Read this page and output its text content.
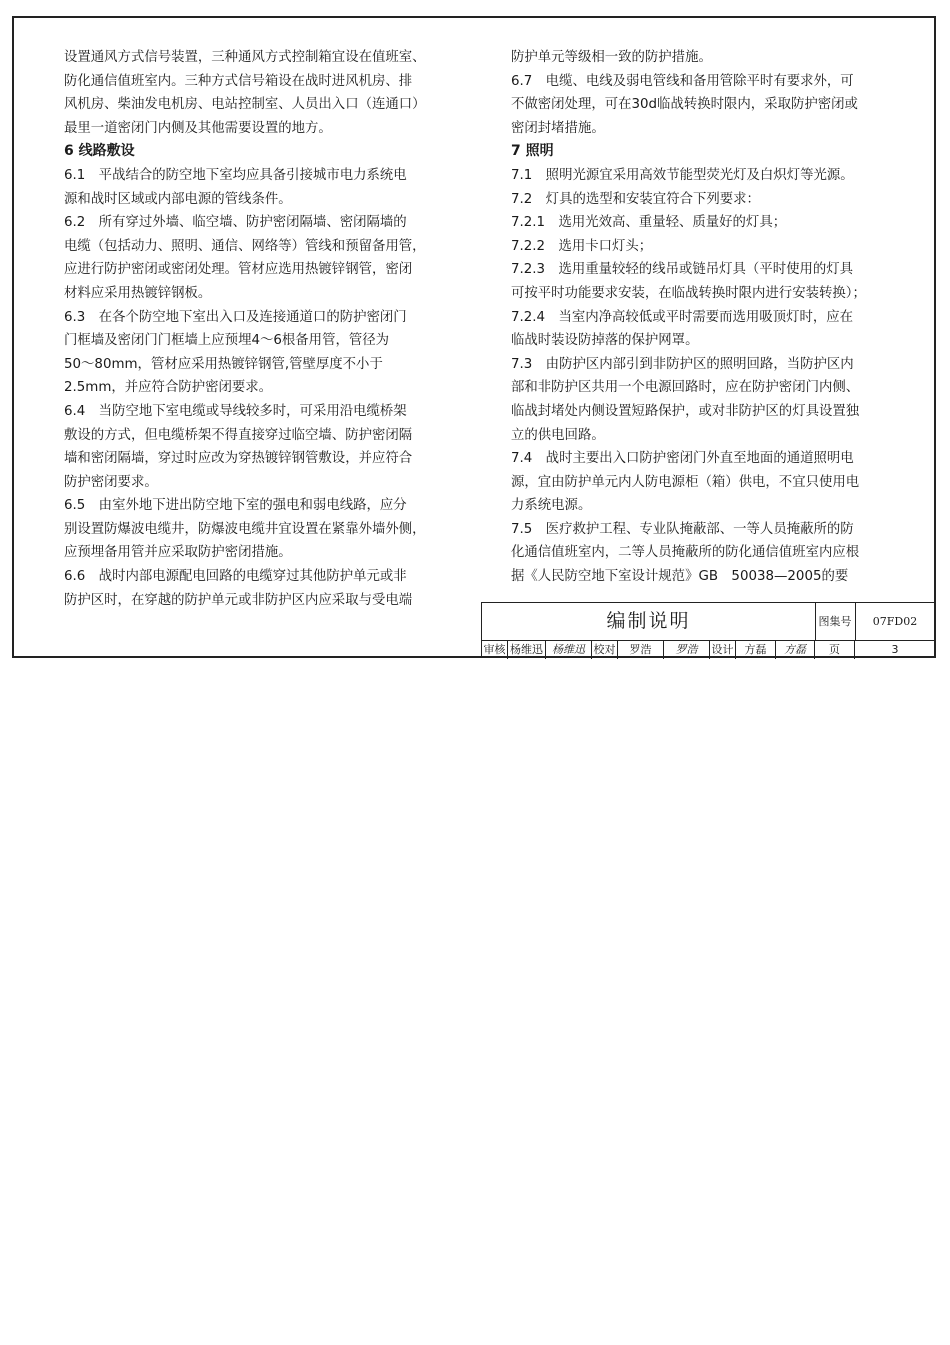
设置通风方式信号装置，三种通风方式控制箱宜设在值班室、

防化通信值班室内。三种方式信号箱设在战时进风机房、排

风机房、柴油发电机房、电站控制室、人员出入口（连通口）

最里一道密闭门内侧及其他需要设置的地方。

6 线路敷设

6.1　平战结合的防空地下室均应具备引接城市电力系统电

源和战时区域或内部电源的管线条件。

6.2　所有穿过外墙、临空墙、防护密闭隔墙、密闭隔墙的

电缆（包括动力、照明、通信、网络等）管线和预留备用管，

应进行防护密闭或密闭处理。管材应选用热镀锌钢管，密闭

材料应采用热镀锌钢板。

6.3　在各个防空地下室出入口及连接通道口的防护密闭门

门框墙及密闭门门框墙上应预埋4～6根备用管，管径为

50～80mm，管材应采用热镀锌钢管,管壁厚度不小于

2.5mm，并应符合防护密闭要求。

6.4　当防空地下室电缆或导线较多时，可采用沿电缆桥架

敷设的方式，但电缆桥架不得直接穿过临空墙、防护密闭隔

墙和密闭隔墙，穿过时应改为穿热镀锌钢管敷设，并应符合

防护密闭要求。

6.5　由室外地下进出防空地下室的强电和弱电线路，应分

别设置防爆波电缆井，防爆波电缆井宜设置在紧靠外墙外侧，

应预埋备用管并应采取防护密闭措施。

6.6　战时内部电源配电回路的电缆穿过其他防护单元或非

防护区时，在穿越的防护单元或非防护区内应采取与受电端

防护单元等级相一致的防护措施。

6.7　电缆、电线及弱电管线和备用管除平时有要求外，可

不做密闭处理，可在30d临战转换时限内，采取防护密闭或

密闭封堵措施。

7 照明

7.1　照明光源宜采用高效节能型荧光灯及白炽灯等光源。

7.2　灯具的选型和安装宜符合下列要求：

7.2.1　选用光效高、重量轻、质量好的灯具；

7.2.2　选用卡口灯头；

7.2.3　选用重量较轻的线吊或链吊灯具（平时使用的灯具

可按平时功能要求安装，在临战转换时限内进行安装转换）；

7.2.4　当室内净高较低或平时需要而选用吸顶灯时，应在

临战时装设防掉落的保护网罩。

7.3　由防护区内部引到非防护区的照明回路，当防护区内

部和非防护区共用一个电源回路时，应在防护密闭门内侧、

临战封堵处内侧设置短路保护，或对非防护区的灯具设置独

立的供电回路。

7.4　战时主要出入口防护密闭门外直至地面的通道照明电

源，宜由防护单元内人防电源柜（箱）供电，不宜只使用电

力系统电源。

7.5　医疗救护工程、专业队掩蔽部、一等人员掩蔽所的防

化通信值班室内，二等人员掩蔽所的防化通信值班室内应根

据《人民防空地下室设计规范》GB　50038—2005的要

编制说明	图集号	07FD02
审核 杨维迅 杨维迅 校对	罗浩	罗浩	设计	方磊	方磊	页	3
